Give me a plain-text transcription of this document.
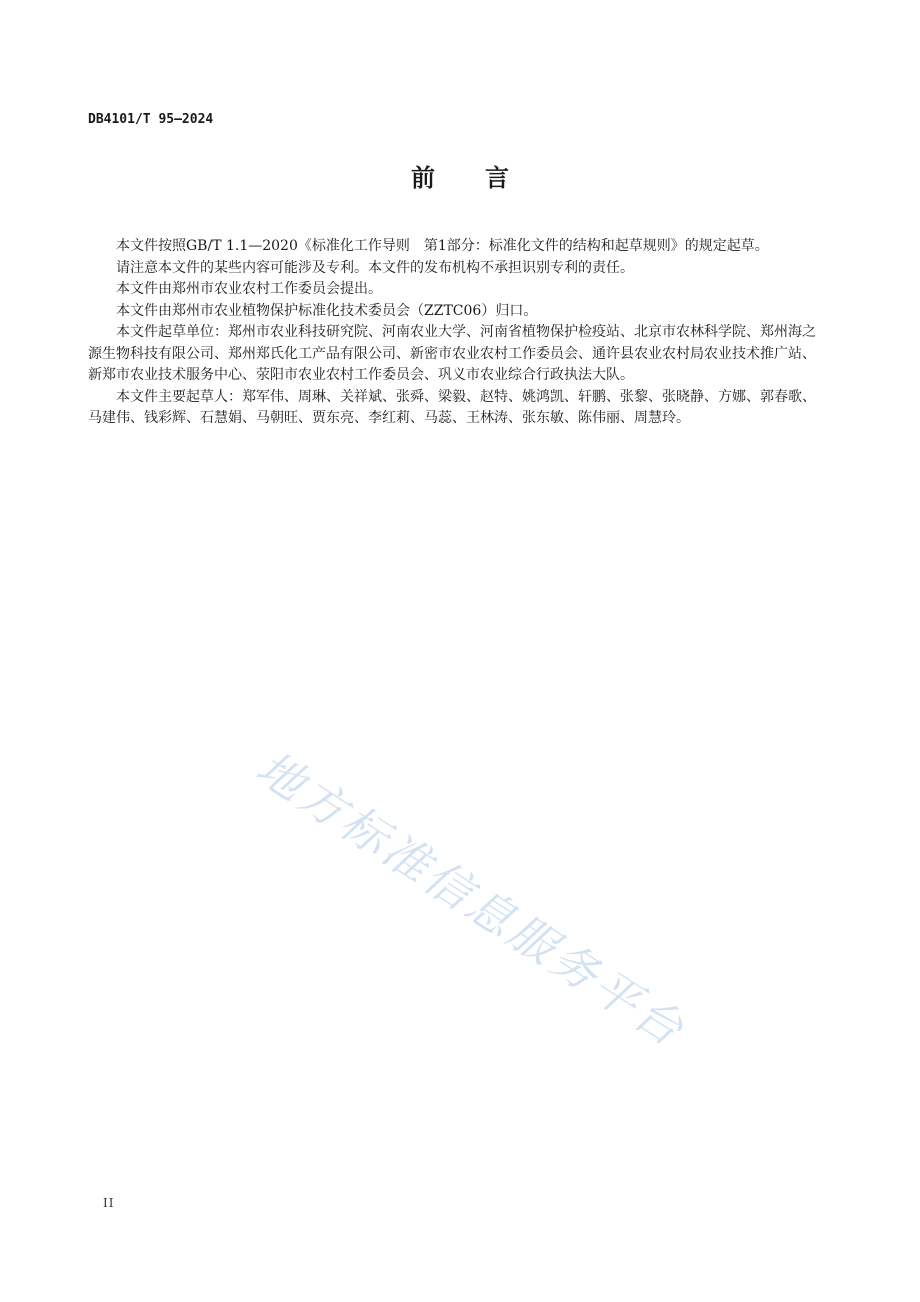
DB4101/T 95—2024
前 言

本文件按照GB/T 1.1—2020《标准化工作导则　第1部分：标准化文件的结构和起草规则》的规定起草。

请注意本文件的某些内容可能涉及专利。本文件的发布机构不承担识别专利的责任。

本文件由郑州市农业农村工作委员会提出。

本文件由郑州市农业植物保护标准化技术委员会（ZZTC06）归口。

本文件起草单位：郑州市农业科技研究院、河南农业大学、河南省植物保护检疫站、北京市农林科学院、郑州海之源生物科技有限公司、郑州郑氏化工产品有限公司、新密市农业农村工作委员会、通许县农业农村局农业技术推广站、新郑市农业技术服务中心、荥阳市农业农村工作委员会、巩义市农业综合行政执法大队。

本文件主要起草人：郑军伟、周琳、关祥斌、张舜、梁毅、赵特、姚鸿凯、轩鹏、张黎、张晓静、方娜、郭春歌、马建伟、钱彩辉、石慧娟、马朝旺、贾东亮、李红莉、马蕊、王林涛、张东敏、陈伟丽、周慧玲。

地方标准信息服务平台
II
